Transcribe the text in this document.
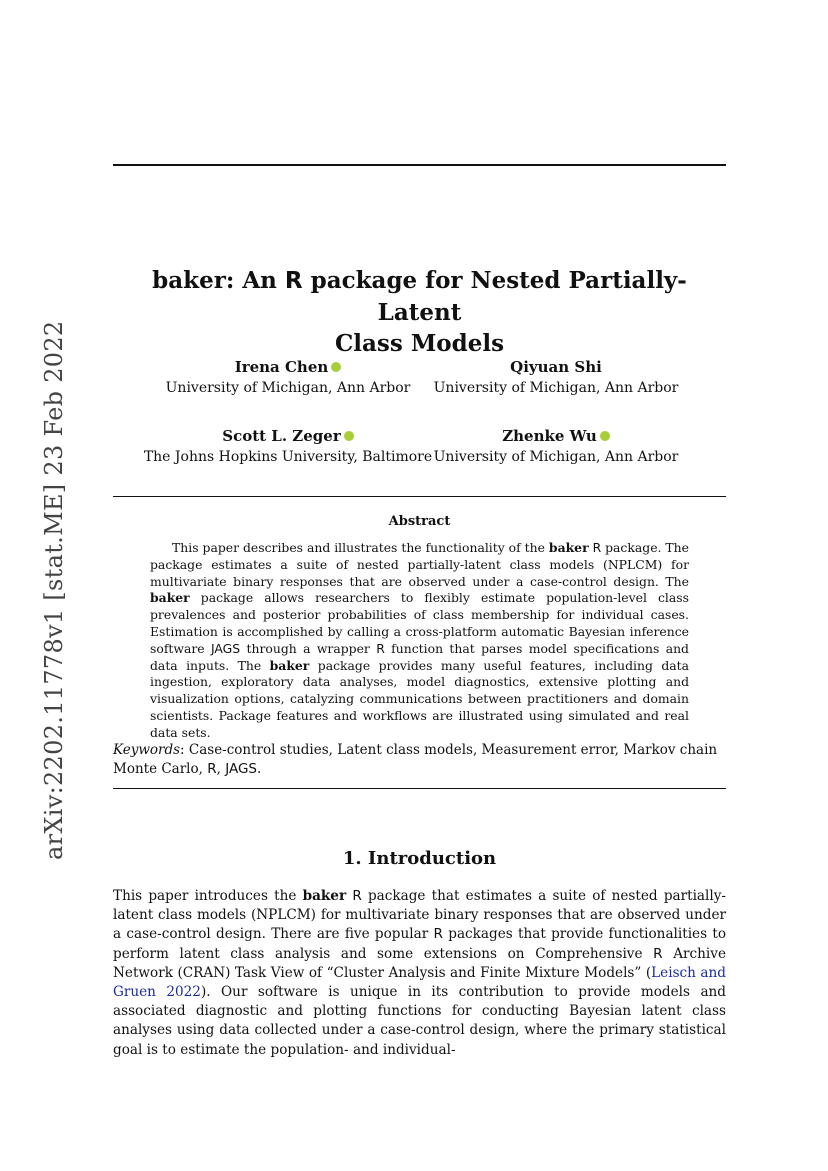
arXiv:2202.11778v1 [stat.ME] 23 Feb 2022
baker: An R package for Nested Partially-Latent
Class Models
Irena Chen
University of Michigan, Ann Arbor
Qiyuan Shi
University of Michigan, Ann Arbor
Scott L. Zeger
The Johns Hopkins University, Baltimore
Zhenke Wu
University of Michigan, Ann Arbor
Abstract

This paper describes and illustrates the functionality of the baker R package. The package estimates a suite of nested partially-latent class models (NPLCM) for multivariate binary responses that are observed under a case-control design. The baker package allows researchers to flexibly estimate population-level class prevalences and posterior probabilities of class membership for individual cases. Estimation is accomplished by calling a cross-platform automatic Bayesian inference software JAGS through a wrapper R function that parses model specifications and data inputs. The baker package provides many useful features, including data ingestion, exploratory data analyses, model diagnostics, extensive plotting and visualization options, catalyzing communications between practitioners and domain scientists. Package features and workflows are illustrated using simulated and real data sets.

Keywords: Case-control studies, Latent class models, Measurement error, Markov chain Monte Carlo, R, JAGS.
1. Introduction

This paper introduces the baker R package that estimates a suite of nested partially-latent class models (NPLCM) for multivariate binary responses that are observed under a case-control design. There are five popular R packages that provide functionalities to perform latent class analysis and some extensions on Comprehensive R Archive Network (CRAN) Task View of “Cluster Analysis and Finite Mixture Models” (Leisch and Gruen 2022). Our software is unique in its contribution to provide models and associated diagnostic and plotting functions for conducting Bayesian latent class analyses using data collected under a case-control design, where the primary statistical goal is to estimate the population- and individual-
